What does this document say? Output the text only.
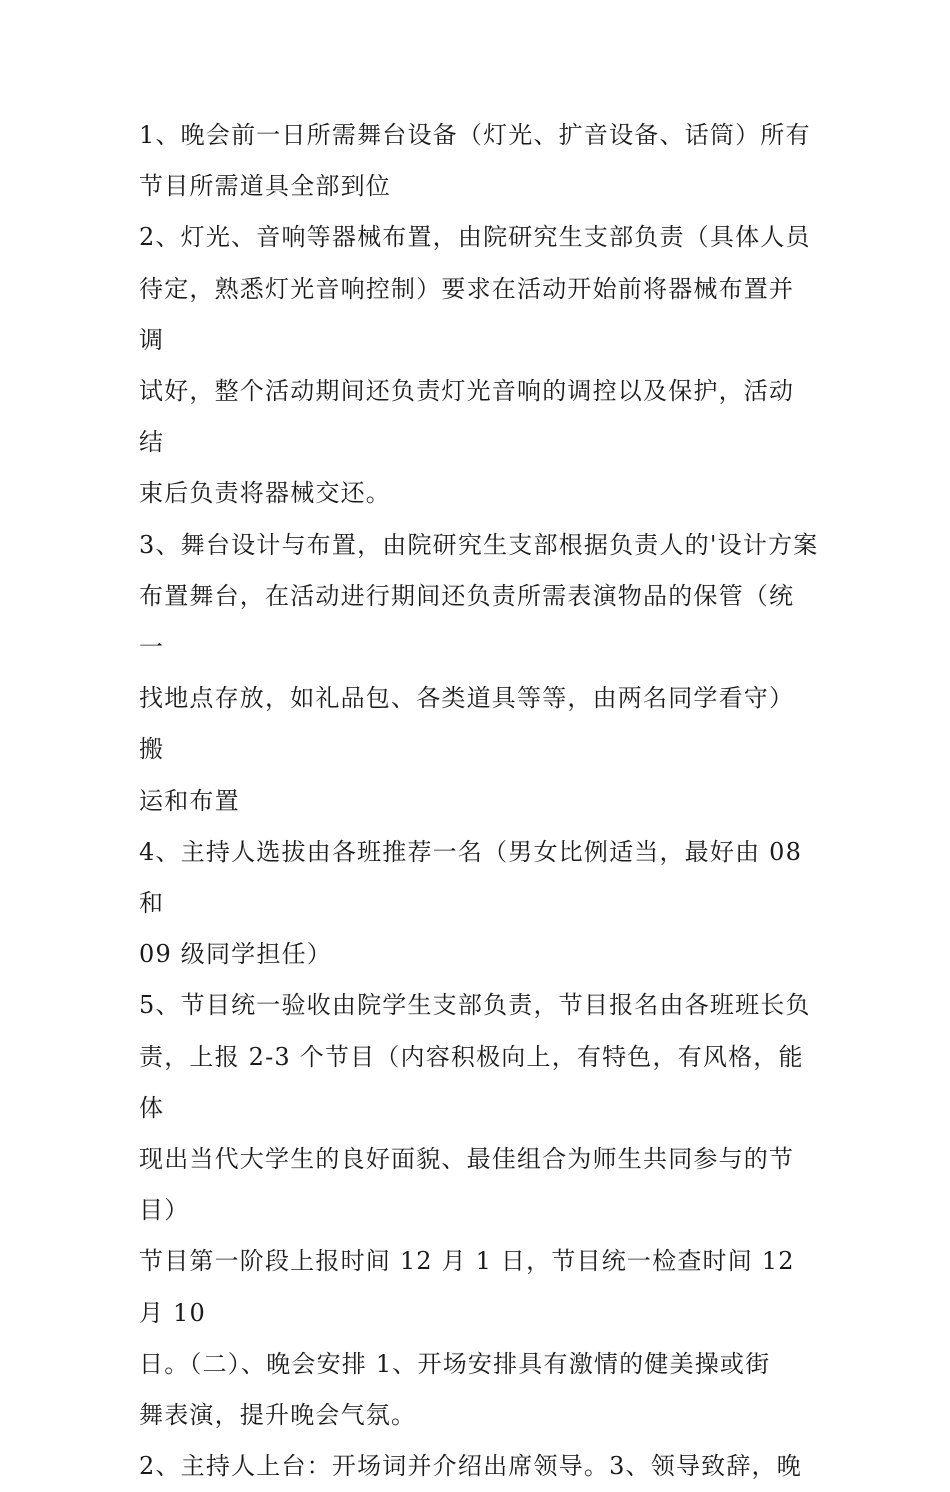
1、晚会前一日所需舞台设备（灯光、扩音设备、话筒）所有

节目所需道具全部到位

2、灯光、音响等器械布置，由院研究生支部负责（具体人员

待定，熟悉灯光音响控制）要求在活动开始前将器械布置并调

试好，整个活动期间还负责灯光音响的调控以及保护，活动结

束后负责将器械交还。

3、舞台设计与布置，由院研究生支部根据负责人的'设计方案

布置舞台，在活动进行期间还负责所需表演物品的保管（统一

找地点存放，如礼品包、各类道具等等，由两名同学看守）搬

运和布置

4、主持人选拔由各班推荐一名（男女比例适当，最好由 08 和

09 级同学担任）

5、节目统一验收由院学生支部负责，节目报名由各班班长负

责，上报 2-3 个节目（内容积极向上，有特色，有风格，能体

现出当代大学生的良好面貌、最佳组合为师生共同参与的节

目）

节目第一阶段上报时间 12 月 1 日，节目统一检查时间 12 月 10

日。（二）、晚会安排 1、开场安排具有激情的健美操或街

舞表演，提升晚会气氛。

2、主持人上台：开场词并介绍出席领导。3、领导致辞，晚
